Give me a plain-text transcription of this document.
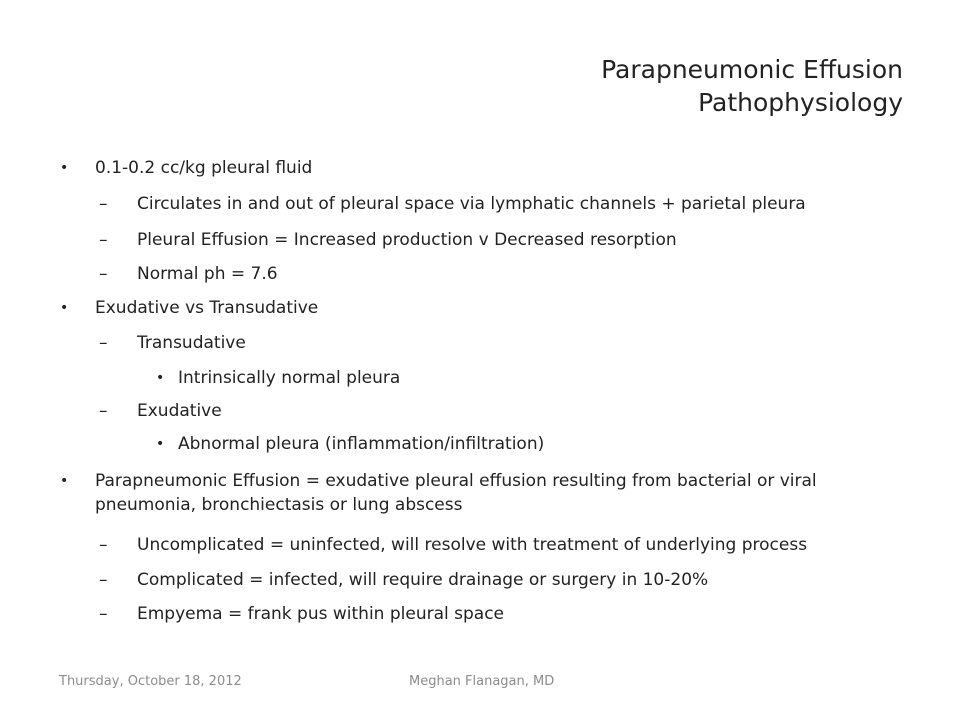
Parapneumonic Effusion
Pathophysiology
• 0.1-0.2 cc/kg pleural fluid
– Circulates in and out of pleural space via lymphatic channels + parietal pleura
– Pleural Effusion = Increased production v Decreased resorption
– Normal ph = 7.6
• Exudative vs Transudative
– Transudative
• Intrinsically normal pleura
– Exudative
• Abnormal pleura (inflammation/infiltration)
• Parapneumonic Effusion = exudative pleural effusion resulting from bacterial or viral pneumonia, bronchiectasis or lung abscess
– Uncomplicated = uninfected, will resolve with treatment of underlying process
– Complicated = infected, will require drainage or surgery in 10-20%
– Empyema = frank pus within pleural space
Thursday, October 18, 2012	Meghan Flanagan, MD
